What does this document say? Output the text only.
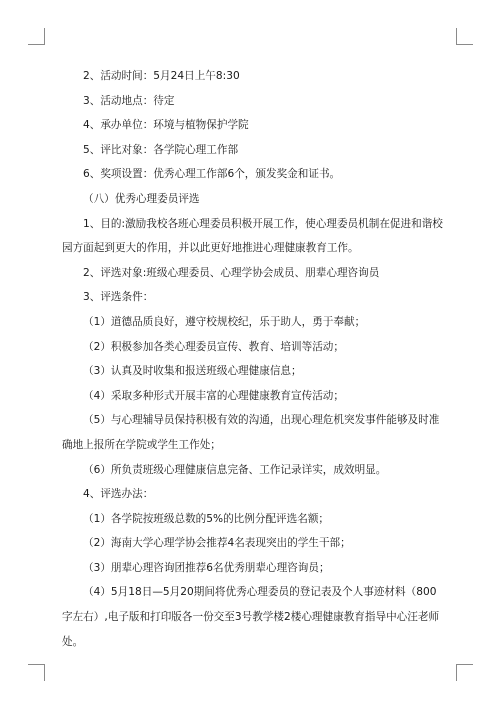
2、活动时间：5月24日上午8:30

3、活动地点：待定

4、承办单位：环境与植物保护学院

5、评比对象：各学院心理工作部

6、奖项设置：优秀心理工作部6个，颁发奖金和证书。

（八）优秀心理委员评选

1、目的:激励我校各班心理委员积极开展工作，使心理委员机制在促进和谐校园方面起到更大的作用，并以此更好地推进心理健康教育工作。

2、评选对象:班级心理委员、心理学协会成员、朋辈心理咨询员

3、评选条件：

（1）道德品质良好，遵守校规校纪，乐于助人，勇于奉献；

（2）积极参加各类心理委员宣传、教育、培训等活动；

（3）认真及时收集和报送班级心理健康信息；

（4）采取多种形式开展丰富的心理健康教育宣传活动；

（5）与心理辅导员保持积极有效的沟通，出现心理危机突发事件能够及时准确地上报所在学院或学生工作处；

（6）所负责班级心理健康信息完备、工作记录详实，成效明显。

4、评选办法：

（1）各学院按班级总数的5%的比例分配评选名额；

（2）海南大学心理学协会推荐4名表现突出的学生干部；

（3）朋辈心理咨询团推荐6名优秀朋辈心理咨询员；

（4）5月18日—5月20期间将优秀心理委员的登记表及个人事迹材料（800字左右）,电子版和打印版各一份交至3号教学楼2楼心理健康教育指导中心汪老师处。
